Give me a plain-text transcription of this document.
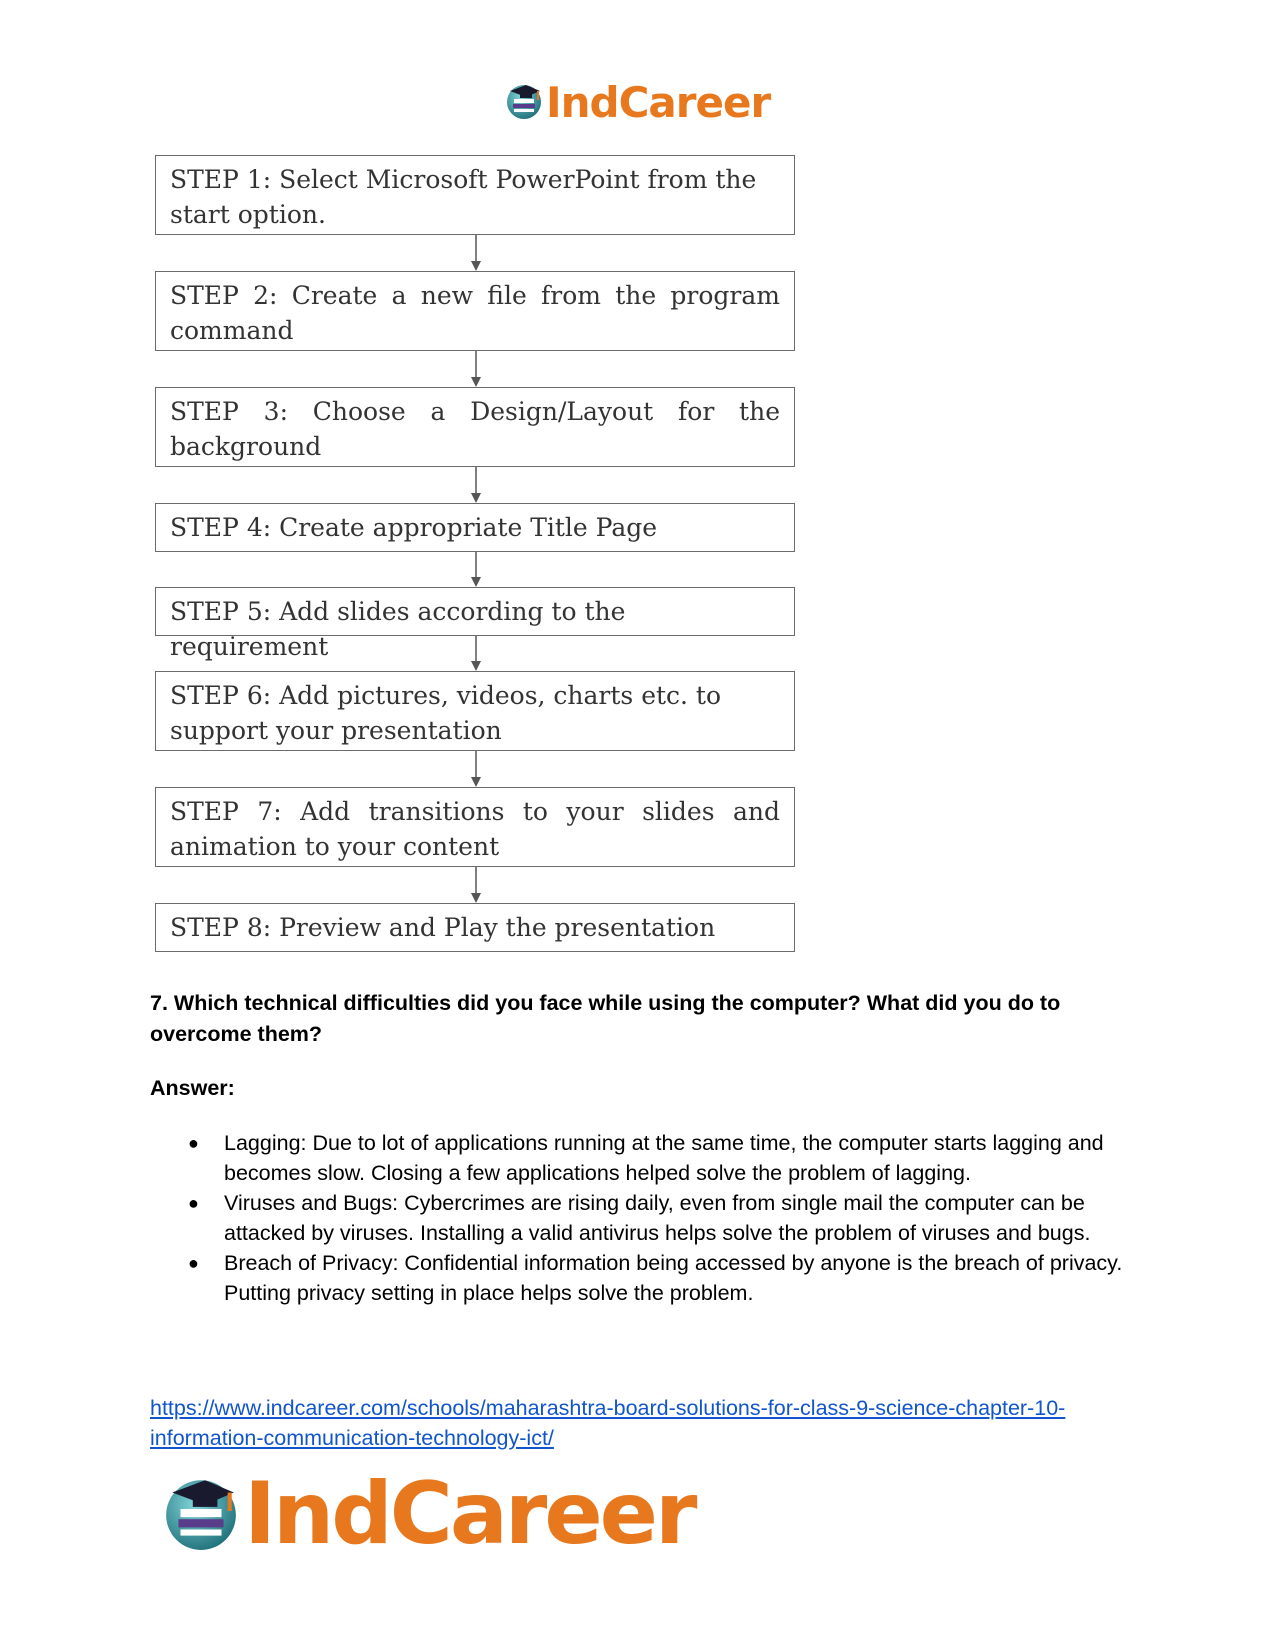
IndCareer
STEP 1: Select Microsoft PowerPoint from the start option.
STEP 2: Create a new file from the program command
STEP 3: Choose a Design/Layout for the background
STEP 4: Create appropriate Title Page
STEP 5: Add slides according to the requirement
STEP 6: Add pictures, videos, charts etc. to support your presentation
STEP 7: Add transitions to your slides and animation to your content
STEP 8: Preview and Play the presentation
7. Which technical difficulties did you face while using the computer? What did you do to overcome them?
Answer:
● Lagging: Due to lot of applications running at the same time, the computer starts lagging and becomes slow. Closing a few applications helped solve the problem of lagging.
● Viruses and Bugs: Cybercrimes are rising daily, even from single mail the computer can be attacked by viruses. Installing a valid antivirus helps solve the problem of viruses and bugs.
● Breach of Privacy: Confidential information being accessed by anyone is the breach of privacy. Putting privacy setting in place helps solve the problem.
https://www.indcareer.com/schools/maharashtra-board-solutions-for-class-9-science-chapter-10-information-communication-technology-ict/
IndCareer
